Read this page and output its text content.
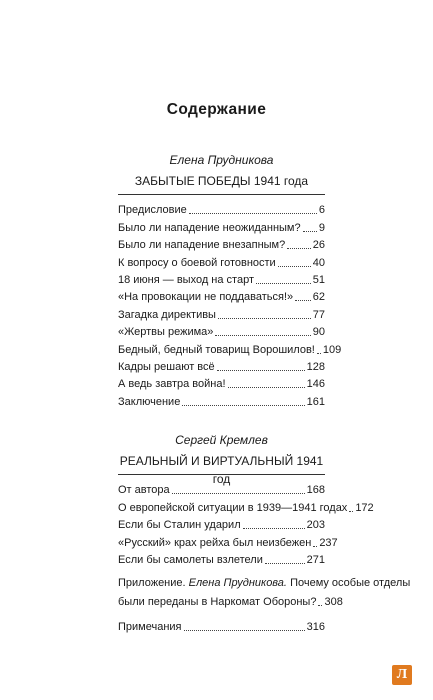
Содержание
Елена Прудникова
ЗАБЫТЫЕ ПОБЕДЫ 1941 года
Предисловие	6
Было ли нападение неожиданным? 9
Было ли нападение внезапным?	26
К вопросу о боевой готовности	40
18 июня — выход на старт	51
«На провокации не поддаваться!» 62
Загадка директивы	77
«Жертвы режима»	90
Бедный, бедный товарищ Ворошилов! 109
Кадры решают всё	128
А ведь завтра война!	146
Заключение	161
Сергей Кремлев
РЕАЛЬНЫЙ И ВИРТУАЛЬНЫЙ 1941 год
От автора	168
О европейской ситуации в 1939—1941 годах 172
Если бы Сталин ударил	203
«Русский» крах рейха был неизбежен 237
Если бы самолеты взлетели	271
Приложение. Елена Прудникова. Почему особые отделы
были переданы в Наркомат Обороны? 308
Примечания	316
Л
